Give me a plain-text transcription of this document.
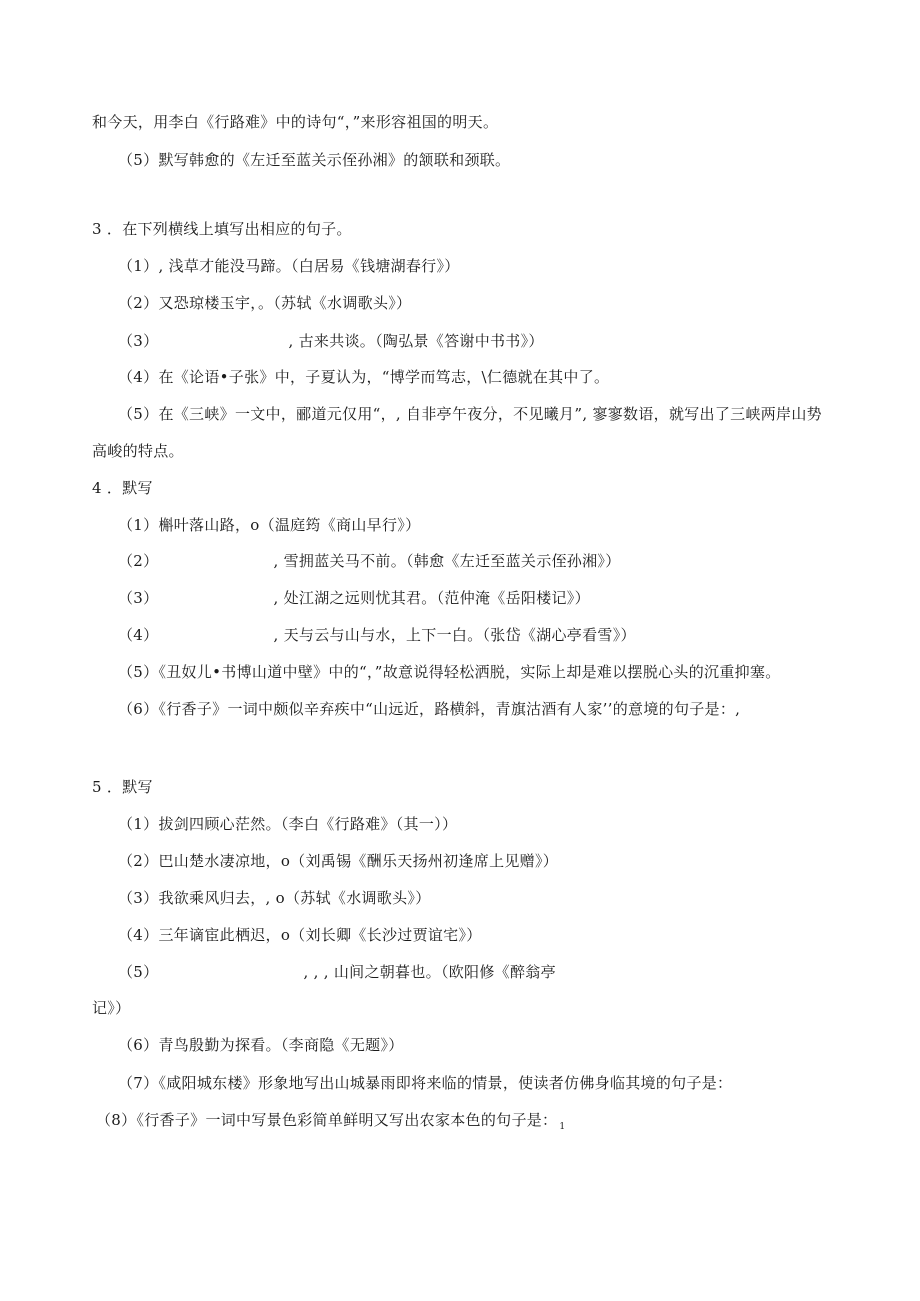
和今天，用李白《行路难》中的诗句“，”来形容祖国的明天。
（5）默写韩愈的《左迁至蓝关示侄孙湘》的颔联和颈联。
3 ．在下列横线上填写出相应的句子。
（1）, 浅草才能没马蹄。（白居易《钱塘湖春行》）
（2）又恐琼楼玉宇，。（苏轼《水调歌头》）
（3）	, 古来共谈。（陶弘景《答谢中书书》）
（4）在《论语•子张》中，子夏认为，“博学而笃志，\仁德就在其中了。
（5）在《三峡》一文中，郦道元仅用“，, 自非亭午夜分，不见曦月”, 寥寥数语，就写出了三峡两岸山势
高峻的特点。
4 ．默写
（1）槲叶落山路，o（温庭筠《商山早行》）
（2）	, 雪拥蓝关马不前。（韩愈《左迁至蓝关示侄孙湘》）
（3）	, 处江湖之远则忧其君。（范仲淹《岳阳楼记》）
（4）	, 天与云与山与水，上下一白。（张岱《湖心亭看雪》）
（5）《丑奴儿•书博山道中壁》中的“，”故意说得轻松洒脱，实际上却是难以摆脱心头的沉重抑塞。
（6）《行香子》一词中颇似辛弃疾中“山远近，路横斜，青旗沽酒有人家’’的意境的句子是：,
5 ．默写
（1）拔剑四顾心茫然。（李白《行路难》（其一））
（2）巴山楚水凄凉地，o（刘禹锡《酬乐天扬州初逢席上见赠》）
（3）我欲乘风归去，, o（苏轼《水调歌头》）
（4）三年谪宦此栖迟，o（刘长卿《长沙过贾谊宅》）
（5）	, , , 山间之朝暮也。（欧阳修《醉翁亭
记》）
（6）青鸟殷勤为探看。（李商隐《无题》）
（7）《咸阳城东楼》形象地写出山城暴雨即将来临的情景，使读者仿佛身临其境的句子是：
（8）《行香子》一词中写景色彩简单鲜明又写出农家本色的句子是： $_1$
